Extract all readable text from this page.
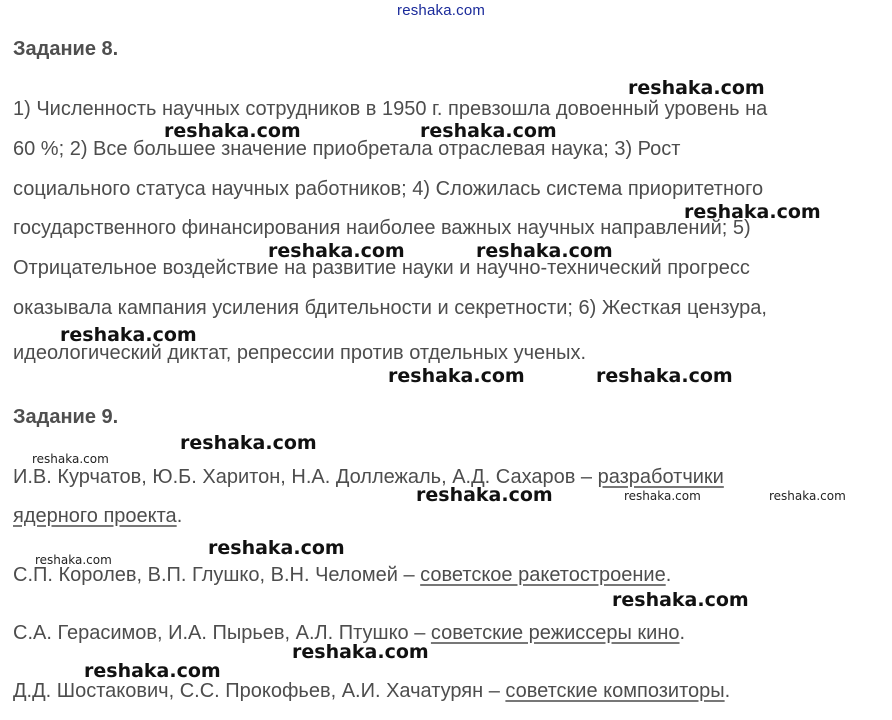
reshaka.com
Задание 8.
1) Численность научных сотрудников в 1950 г. превзошла довоенный уровень на
60 %; 2) Все большее значение приобретала отраслевая наука; 3) Рост
социального статуса научных работников; 4) Сложилась система приоритетного
государственного финансирования наиболее важных научных направлений; 5)
Отрицательное воздействие на развитие науки и научно-технический прогресс
оказывала кампания усиления бдительности и секретности; 6) Жесткая цензура,
идеологический диктат, репрессии против отдельных ученых.
Задание 9.
И.В. Курчатов, Ю.Б. Харитон, Н.А. Доллежаль, А.Д. Сахаров – разработчики
ядерного проекта.
С.П. Королев, В.П. Глушко, В.Н. Челомей – советское ракетостроение.
С.А. Герасимов, И.А. Пырьев, А.Л. Птушко – советские режиссеры кино.
Д.Д. Шостакович, С.С. Прокофьев, А.И. Хачатурян – советские композиторы.
reshaka.com
reshaka.com	reshaka.com
reshaka.com
reshaka.com	reshaka.com
reshaka.com
reshaka.com	reshaka.com
reshaka.com
reshaka.com
reshaka.com	reshaka.com	reshaka.com
reshaka.com
reshaka.com
reshaka.com
reshaka.com
reshaka.com
